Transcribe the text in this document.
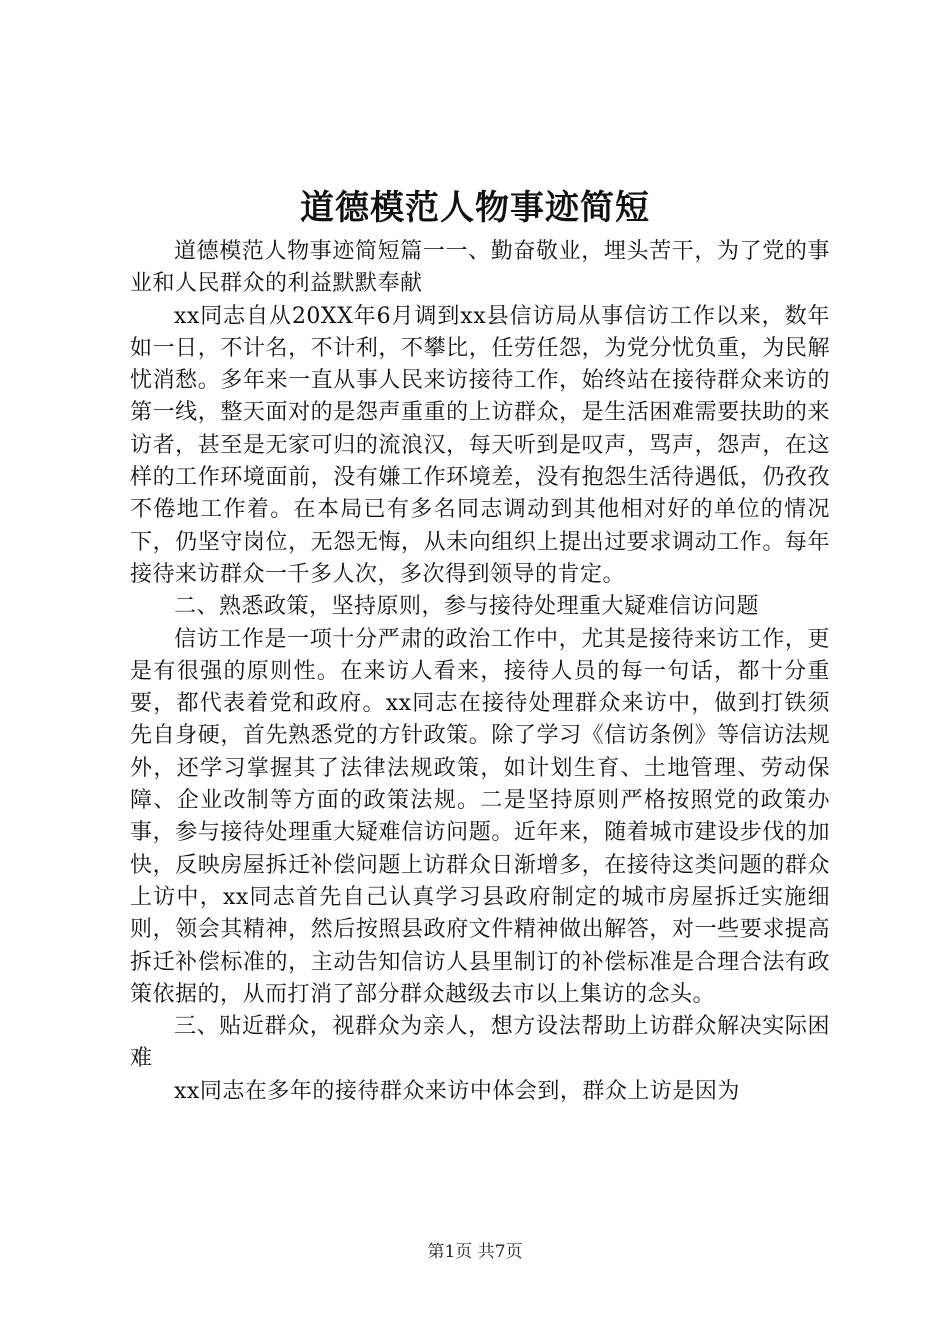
道德模范人物事迹简短

道德模范人物事迹简短篇一一、勤奋敬业，埋头苦干，为了党的事业和人民群众的利益默默奉献

xx同志自从20XX年6月调到xx县信访局从事信访工作以来，数年如一日，不计名，不计利，不攀比，任劳任怨，为党分忧负重，为民解忧消愁。多年来一直从事人民来访接待工作，始终站在接待群众来访的第一线，整天面对的是怨声重重的上访群众，是生活困难需要扶助的来访者，甚至是无家可归的流浪汉，每天听到是叹声，骂声，怨声，在这样的工作环境面前，没有嫌工作环境差，没有抱怨生活待遇低，仍孜孜不倦地工作着。在本局已有多名同志调动到其他相对好的单位的情况下，仍坚守岗位，无怨无悔，从未向组织上提出过要求调动工作。每年接待来访群众一千多人次，多次得到领导的肯定。

二、熟悉政策，坚持原则，参与接待处理重大疑难信访问题

信访工作是一项十分严肃的政治工作中，尤其是接待来访工作，更是有很强的原则性。在来访人看来，接待人员的每一句话，都十分重要，都代表着党和政府。xx同志在接待处理群众来访中，做到打铁须先自身硬，首先熟悉党的方针政策。除了学习《信访条例》等信访法规外，还学习掌握其了法律法规政策，如计划生育、土地管理、劳动保障、企业改制等方面的政策法规。二是坚持原则严格按照党的政策办事，参与接待处理重大疑难信访问题。近年来，随着城市建设步伐的加快，反映房屋拆迁补偿问题上访群众日渐增多，在接待这类问题的群众上访中，xx同志首先自己认真学习县政府制定的城市房屋拆迁实施细则，领会其精神，然后按照县政府文件精神做出解答，对一些要求提高拆迁补偿标准的，主动告知信访人县里制订的补偿标准是合理合法有政策依据的，从而打消了部分群众越级去市以上集访的念头。

三、贴近群众，视群众为亲人，想方设法帮助上访群众解决实际困难

xx同志在多年的接待群众来访中体会到，群众上访是因为

第1页 共7页
